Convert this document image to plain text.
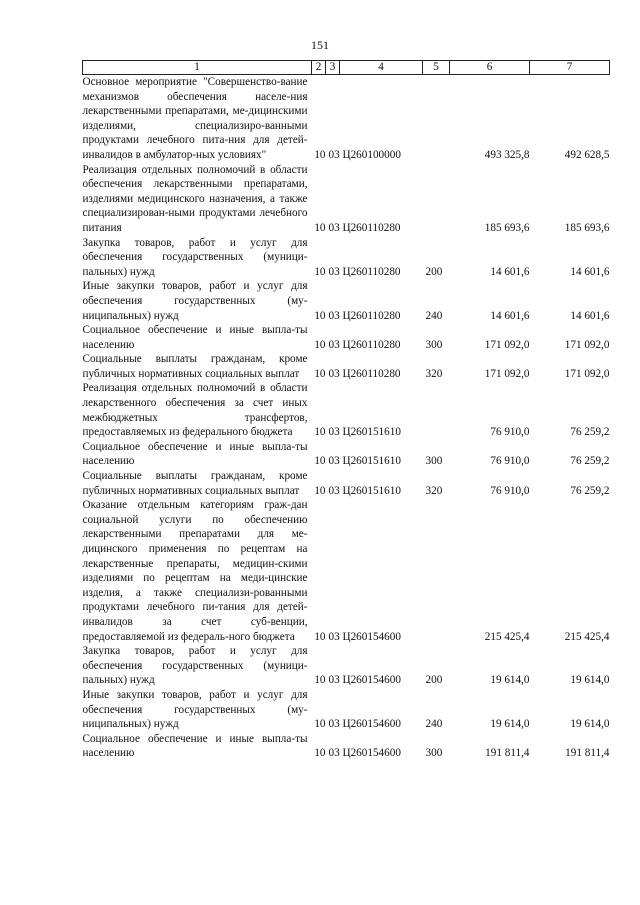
151
1	2	3	4	5	6	7
Основное мероприятие "Совершенство-вание механизмов обеспечения населе-ния лекарственными препаратами, ме-дицинскими изделиями, специализиро-ванными продуктами лечебного пита-ния для детей-инвалидов в амбулатор-ных условиях"	10	03	Ц260100000		493 325,8	492 628,5
Реализация отдельных полномочий в области обеспечения лекарственными препаратами, изделиями медицинского назначения, а также специализирован-ными продуктами лечебного питания	10	03	Ц260110280		185 693,6	185 693,6
Закупка товаров, работ и услуг для обеспечения государственных (муници-пальных) нужд	10	03	Ц260110280	200	14 601,6	14 601,6
Иные закупки товаров, работ и услуг для обеспечения государственных (му-ниципальных) нужд	10	03	Ц260110280	240	14 601,6	14 601,6
Социальное обеспечение и иные выпла-ты населению	10	03	Ц260110280	300	171 092,0	171 092,0
Социальные выплаты гражданам, кроме публичных нормативных социальных выплат	10	03	Ц260110280	320	171 092,0	171 092,0
Реализация отдельных полномочий в области лекарственного обеспечения за счет иных межбюджетных трансфертов, предоставляемых из федерального бюджета	10	03	Ц260151610		76 910,0	76 259,2
Социальное обеспечение и иные выпла-ты населению	10	03	Ц260151610	300	76 910,0	76 259,2
Социальные выплаты гражданам, кроме публичных нормативных социальных выплат	10	03	Ц260151610	320	76 910,0	76 259,2
Оказание отдельным категориям граж-дан социальной услуги по обеспечению лекарственными препаратами для ме-дицинского применения по рецептам на лекарственные препараты, медицин-скими изделиями по рецептам на меди-цинские изделия, а также специализи-рованными продуктами лечебного пи-тания для детей-инвалидов за счет суб-венции, предоставляемой из федераль-ного бюджета	10	03	Ц260154600		215 425,4	215 425,4
Закупка товаров, работ и услуг для обеспечения государственных (муници-пальных) нужд	10	03	Ц260154600	200	19 614,0	19 614,0
Иные закупки товаров, работ и услуг для обеспечения государственных (му-ниципальных) нужд	10	03	Ц260154600	240	19 614,0	19 614,0
Социальное обеспечение и иные выпла-ты населению	10	03	Ц260154600	300	191 811,4	191 811,4
